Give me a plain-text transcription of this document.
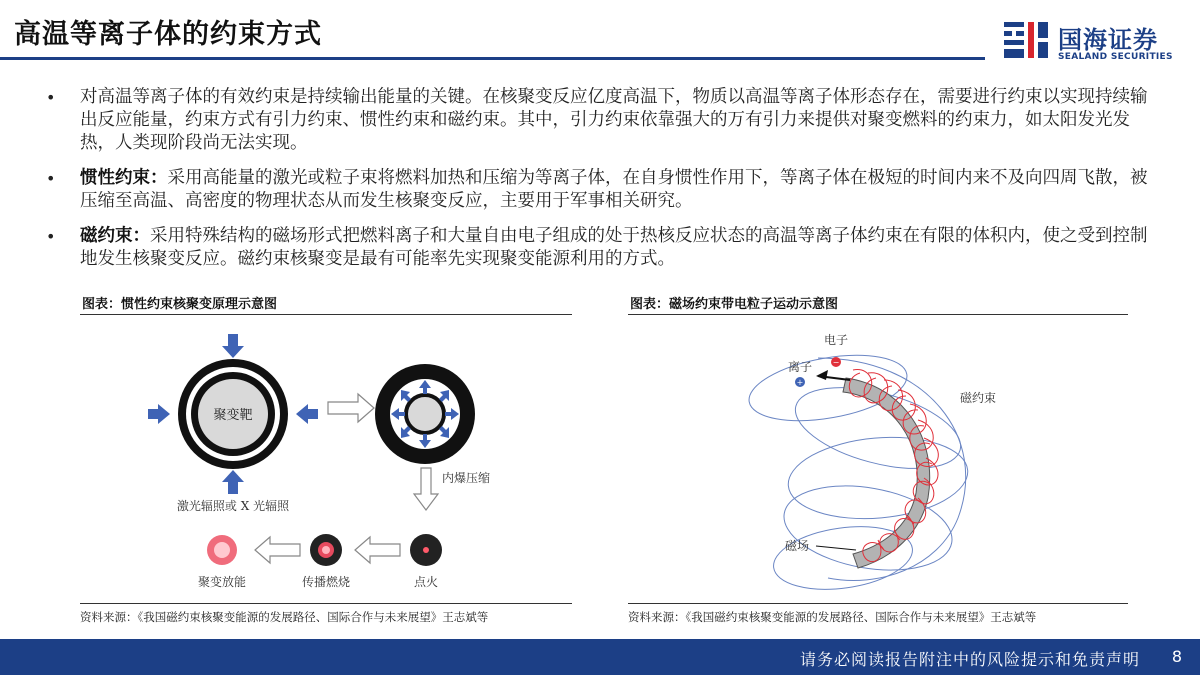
高温等离子体的约束方式	国海证券
SEALAND SECURITIES
• 对高温等离子体的有效约束是持续输出能量的关键。在核聚变反应亿度高温下，物质以高温等离子体形态存在，需要进行约束以实现持续输出反应能量，约束方式有引力约束、惯性约束和磁约束。其中，引力约束依靠强大的万有引力来提供对聚变燃料的约束力，如太阳发光发热，人类现阶段尚无法实现。
• 惯性约束：采用高能量的激光或粒子束将燃料加热和压缩为等离子体，在自身惯性作用下，等离子体在极短的时间内来不及向四周飞散，被压缩至高温、高密度的物理状态从而发生核聚变反应，主要用于军事相关研究。
• 磁约束：采用特殊结构的磁场形式把燃料离子和大量自由电子组成的处于热核反应状态的高温等离子体约束在有限的体积内，使之受到控制地发生核聚变反应。磁约束核聚变是最有可能率先实现聚变能源利用的方式。
图表：惯性约束核聚变原理示意图
聚变靶
激光辐照或 X 光辐照
内爆压缩
点火
传播燃烧
聚变放能
资料来源：《我国磁约束核聚变能源的发展路径、国际合作与未来展望》王志斌等
图表：磁场约束带电粒子运动示意图
−
电子
+
离子
磁约束
磁场
资料来源：《我国磁约束核聚变能源的发展路径、国际合作与未来展望》王志斌等
请务必阅读报告附注中的风险提示和免责声明 8
